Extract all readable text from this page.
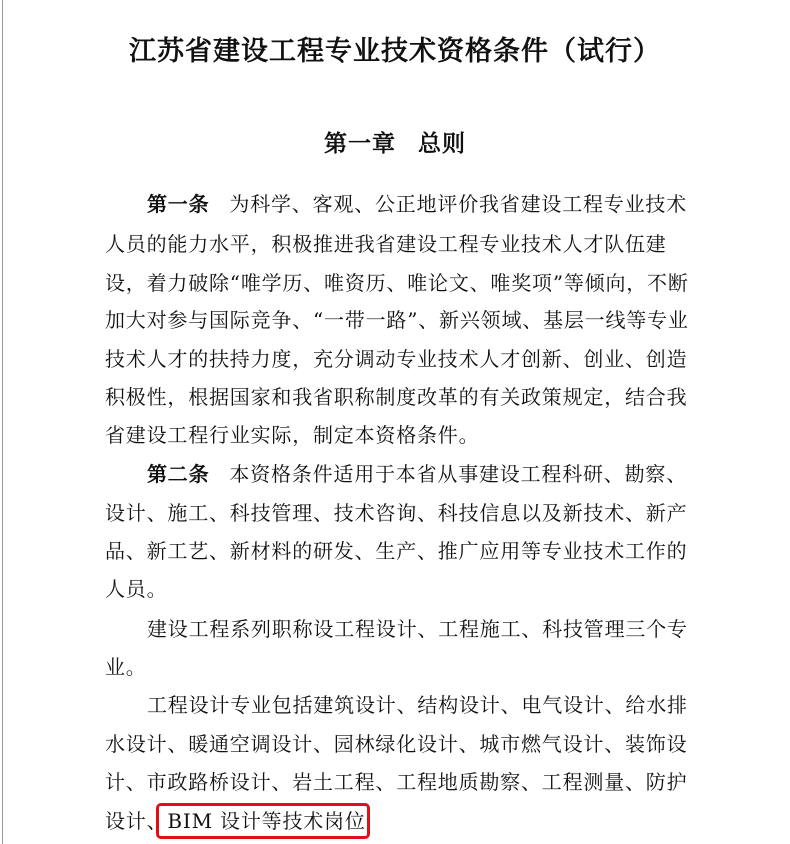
江苏省建设工程专业技术资格条件（试行）
第一章 总则
第一条 为科学、客观、公正地评价我省建设工程专业技术
人员的能力水平，积极推进我省建设工程专业技术人才队伍建
设，着力破除“唯学历、唯资历、唯论文、唯奖项”等倾向，不断
加大对参与国际竞争、“一带一路”、新兴领域、基层一线等专业
技术人才的扶持力度，充分调动专业技术人才创新、创业、创造
积极性，根据国家和我省职称制度改革的有关政策规定，结合我
省建设工程行业实际，制定本资格条件。
第二条 本资格条件适用于本省从事建设工程科研、勘察、
设计、施工、科技管理、技术咨询、科技信息以及新技术、新产
品、新工艺、新材料的研发、生产、推广应用等专业技术工作的
人员。
建设工程系列职称设工程设计、工程施工、科技管理三个专
业。
工程设计专业包括建筑设计、结构设计、电气设计、给水排
水设计、暖通空调设计、园林绿化设计、城市燃气设计、装饰设
计、市政路桥设计、岩土工程、工程地质勘察、工程测量、防护
设计、BIM 设计等技术岗位
